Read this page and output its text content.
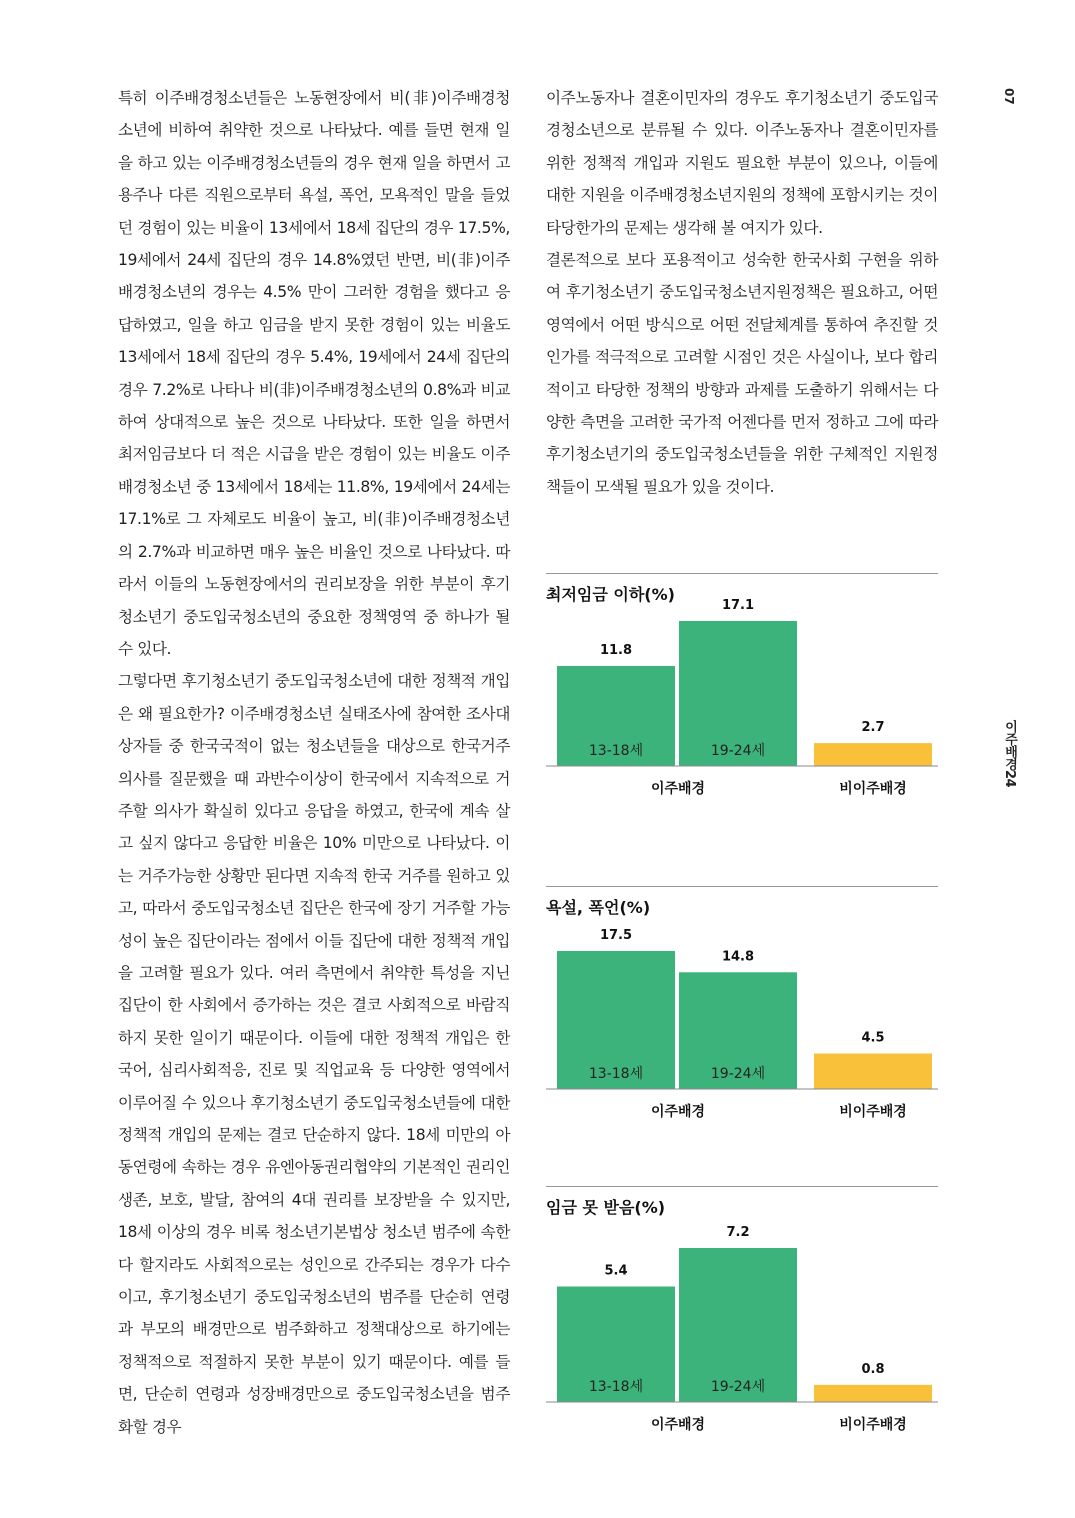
특히 이주배경청소년들은 노동현장에서 비(非)이주배경청소년에 비하여 취약한 것으로 나타났다. 예를 들면 현재 일을 하고 있는 이주배경청소년들의 경우 현재 일을 하면서 고용주나 다른 직원으로부터 욕설, 폭언, 모욕적인 말을 들었던 경험이 있는 비율이 13세에서 18세 집단의 경우 17.5%, 19세에서 24세 집단의 경우 14.8%였던 반면, 비(非)이주배경청소년의 경우는 4.5% 만이 그러한 경험을 했다고 응답하였고, 일을 하고 임금을 받지 못한 경험이 있는 비율도 13세에서 18세 집단의 경우 5.4%, 19세에서 24세 집단의 경우 7.2%로 나타나 비(非)이주배경청소년의 0.8%과 비교하여 상대적으로 높은 것으로 나타났다. 또한 일을 하면서 최저임금보다 더 적은 시급을 받은 경험이 있는 비율도 이주배경청소년 중 13세에서 18세는 11.8%, 19세에서 24세는 17.1%로 그 자체로도 비율이 높고, 비(非)이주배경청소년의 2.7%과 비교하면 매우 높은 비율인 것으로 나타났다. 따라서 이들의 노동현장에서의 권리보장을 위한 부분이 후기청소년기 중도입국청소년의 중요한 정책영역 중 하나가 될 수 있다.

그렇다면 후기청소년기 중도입국청소년에 대한 정책적 개입은 왜 필요한가? 이주배경청소년 실태조사에 참여한 조사대상자들 중 한국국적이 없는 청소년들을 대상으로 한국거주 의사를 질문했을 때 과반수이상이 한국에서 지속적으로 거주할 의사가 확실히 있다고 응답을 하였고, 한국에 계속 살고 싶지 않다고 응답한 비율은 10% 미만으로 나타났다. 이는 거주가능한 상황만 된다면 지속적 한국 거주를 원하고 있고, 따라서 중도입국청소년 집단은 한국에 장기 거주할 가능성이 높은 집단이라는 점에서 이들 집단에 대한 정책적 개입을 고려할 필요가 있다. 여러 측면에서 취약한 특성을 지닌 집단이 한 사회에서 증가하는 것은 결코 사회적으로 바람직하지 못한 일이기 때문이다. 이들에 대한 정책적 개입은 한국어, 심리사회적응, 진로 및 직업교육 등 다양한 영역에서 이루어질 수 있으나 후기청소년기 중도입국청소년들에 대한 정책적 개입의 문제는 결코 단순하지 않다. 18세 미만의 아동연령에 속하는 경우 유엔아동권리협약의 기본적인 권리인 생존, 보호, 발달, 참여의 4대 권리를 보장받을 수 있지만, 18세 이상의 경우 비록 청소년기본법상 청소년 범주에 속한다 할지라도 사회적으로는 성인으로 간주되는 경우가 다수이고, 후기청소년기 중도입국청소년의 범주를 단순히 연령과 부모의 배경만으로 범주화하고 정책대상으로 하기에는 정책적으로 적절하지 못한 부분이 있기 때문이다. 예를 들면, 단순히 연령과 성장배경만으로 중도입국청소년을 범주화할 경우

이주노동자나 결혼이민자의 경우도 후기청소년기 중도입국경청소년으로 분류될 수 있다. 이주노동자나 결혼이민자를 위한 정책적 개입과 지원도 필요한 부분이 있으나, 이들에 대한 지원을 이주배경청소년지원의 정책에 포함시키는 것이 타당한가의 문제는 생각해 볼 여지가 있다.

결론적으로 보다 포용적이고 성숙한 한국사회 구현을 위하여 후기청소년기 중도입국청소년지원정책은 필요하고, 어떤 영역에서 어떤 방식으로 어떤 전달체계를 통하여 추진할 것인가를 적극적으로 고려할 시점인 것은 사실이나, 보다 합리적이고 타당한 정책의 방향과 과제를 도출하기 위해서는 다양한 측면을 고려한 국가적 어젠다를 먼저 정하고 그에 따라 후기청소년기의 중도입국청소년들을 위한 구체적인 지원정책들이 모색될 필요가 있을 것이다.

07
이주배경24
최저임금 이하(%)
11.8
13-18세
17.1
19-24세
2.7
이주배경	비이주배경
욕설, 폭언(%)
17.5
13-18세
14.8
19-24세
4.5
이주배경	비이주배경
임금 못 받음(%)
5.4
13-18세
7.2
19-24세
0.8
이주배경	비이주배경
